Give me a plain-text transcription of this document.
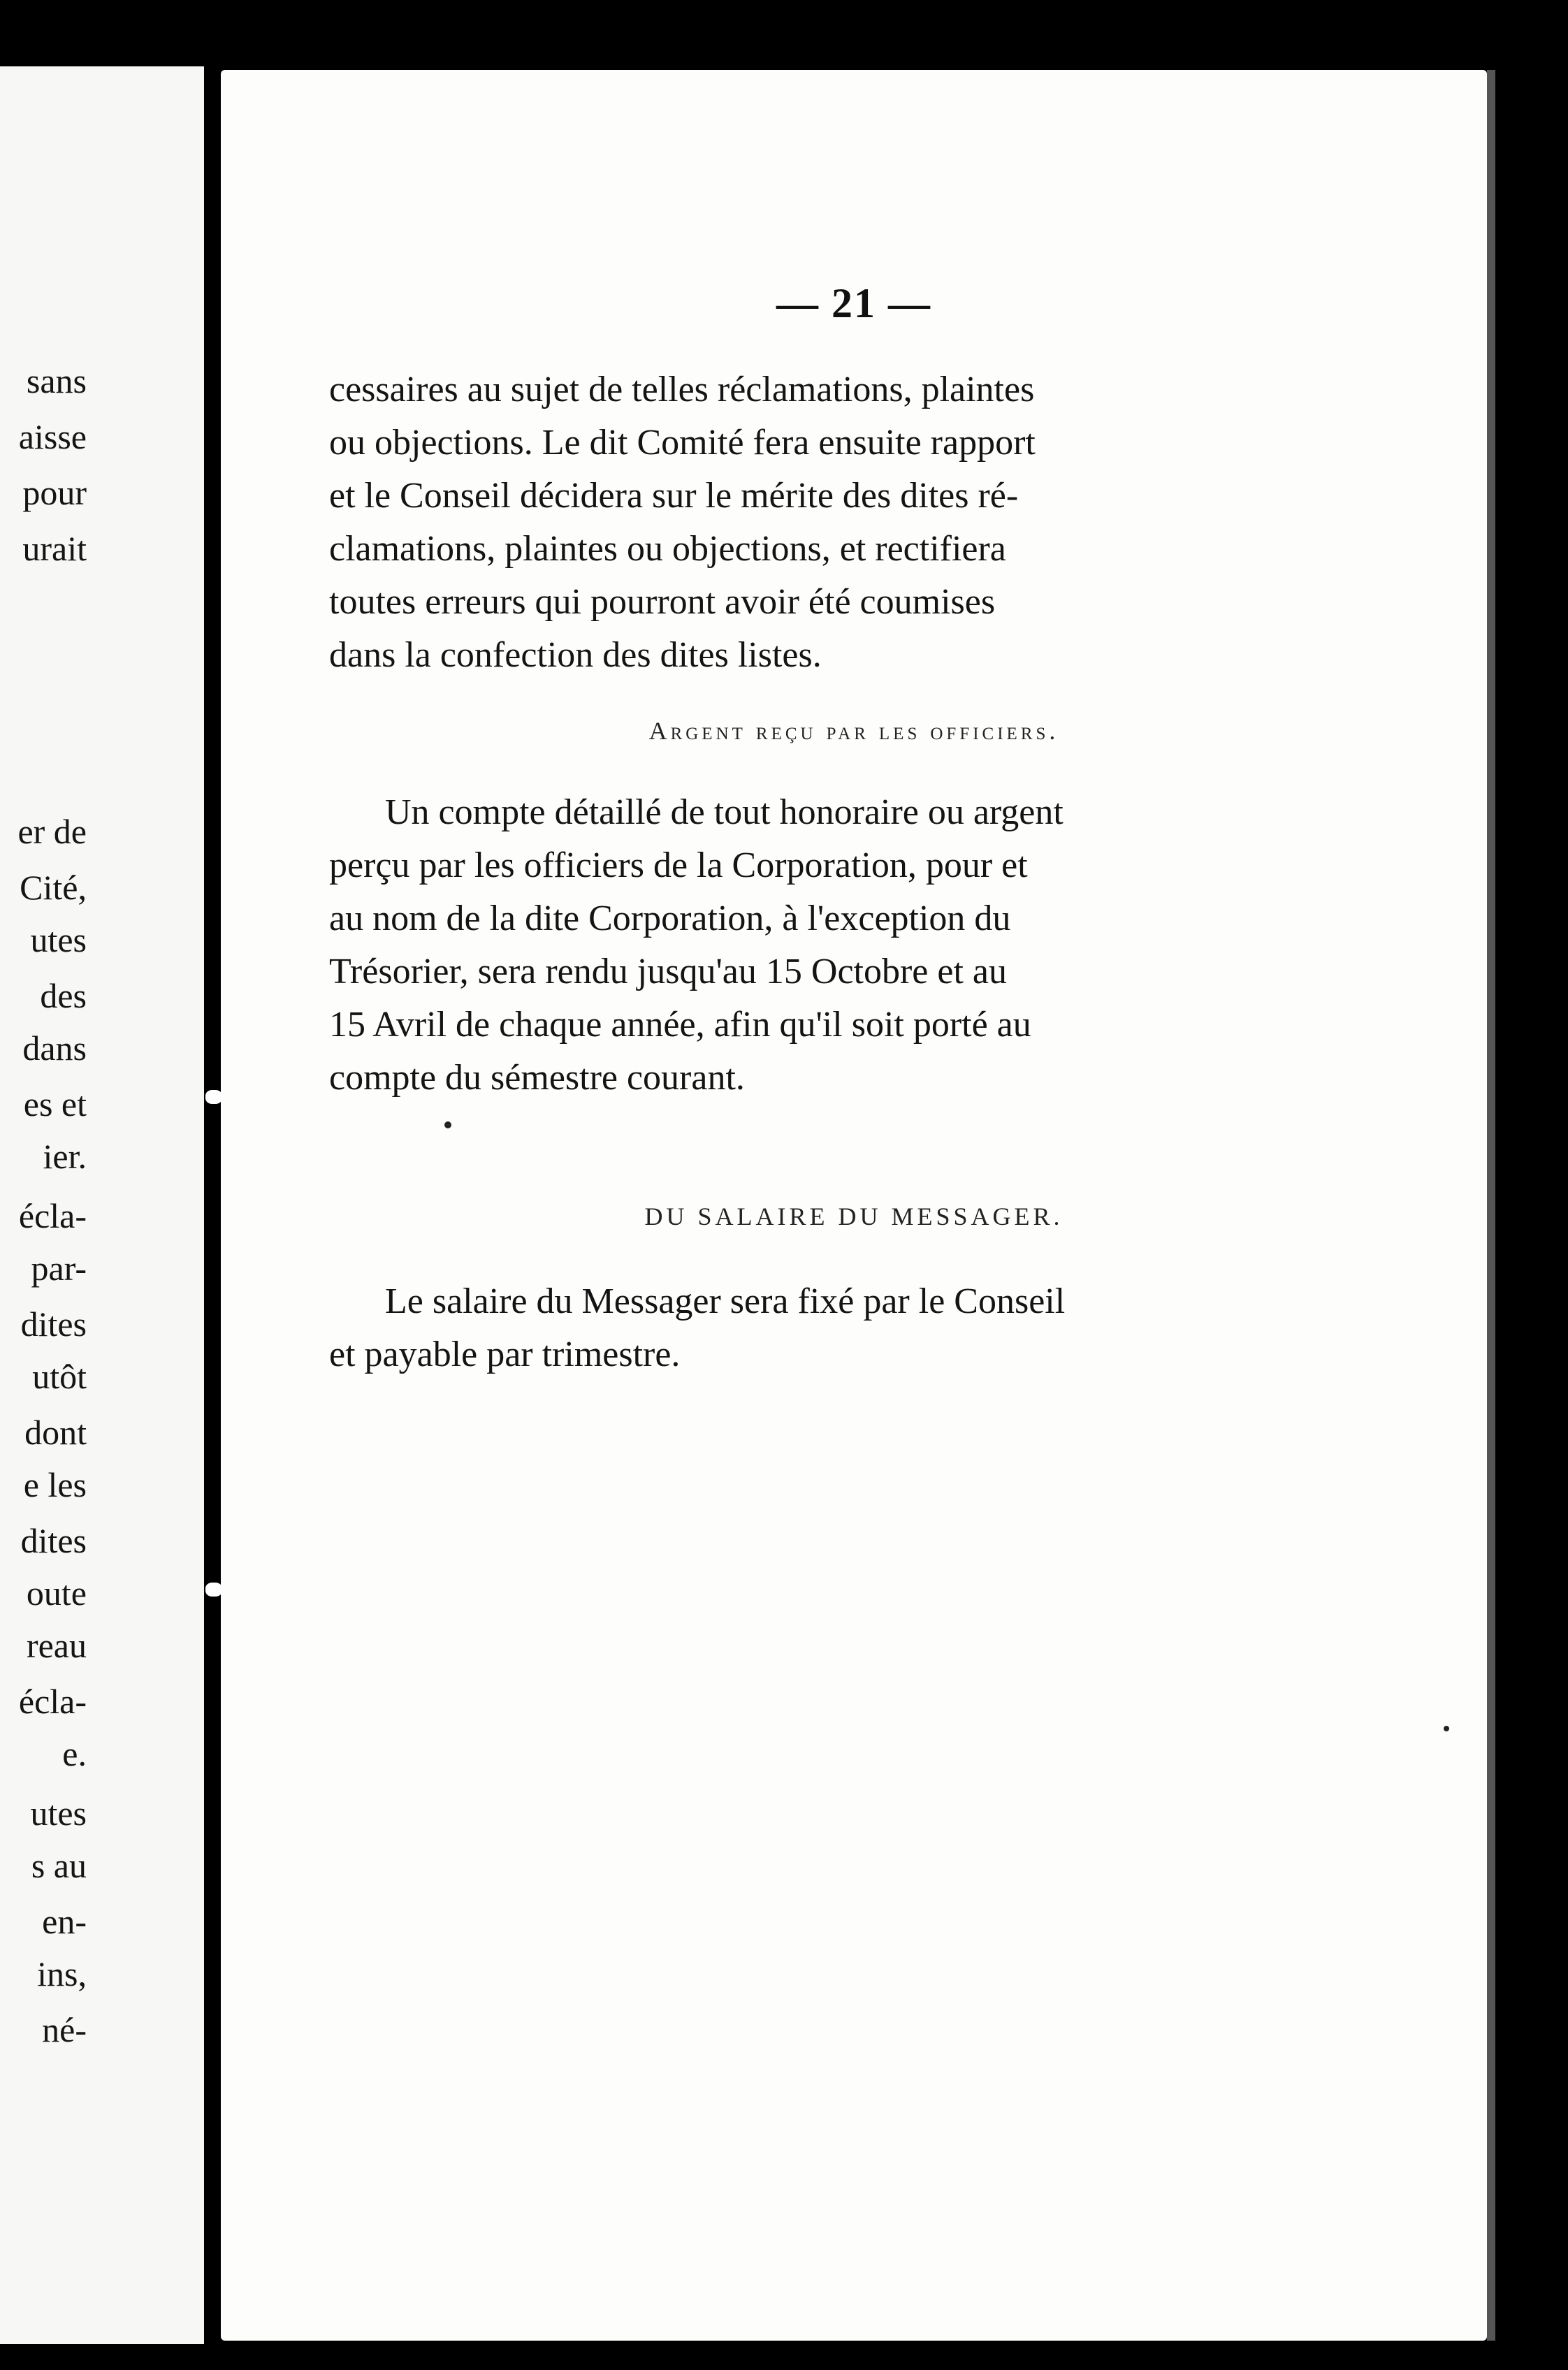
sans
aisse
pour
urait
er de
Cité,
utes
des
dans
es et
ier.
écla-
par-
dites
utôt
dont
e les
dites
oute
reau
écla-
e.
utes
s au
en-
ins,
né-
— 21 —

cessaires au sujet de telles réclamations, plaintes

ou objections. Le dit Comité fera ensuite rapport

et le Conseil décidera sur le mérite des dites ré-

clamations, plaintes ou objections, et rectifiera

toutes erreurs qui pourront avoir été coumises

dans la confection des dites listes.

Argent reçu par les officiers.

Un compte détaillé de tout honoraire ou argent

perçu par les officiers de la Corporation, pour et

au nom de la dite Corporation, à l'exception du

Trésorier, sera rendu jusqu'au 15 Octobre et au

15 Avril de chaque année, afin qu'il soit porté au

compte du sémestre courant.

DU SALAIRE DU MESSAGER.

Le salaire du Messager sera fixé par le Conseil

et payable par trimestre.
